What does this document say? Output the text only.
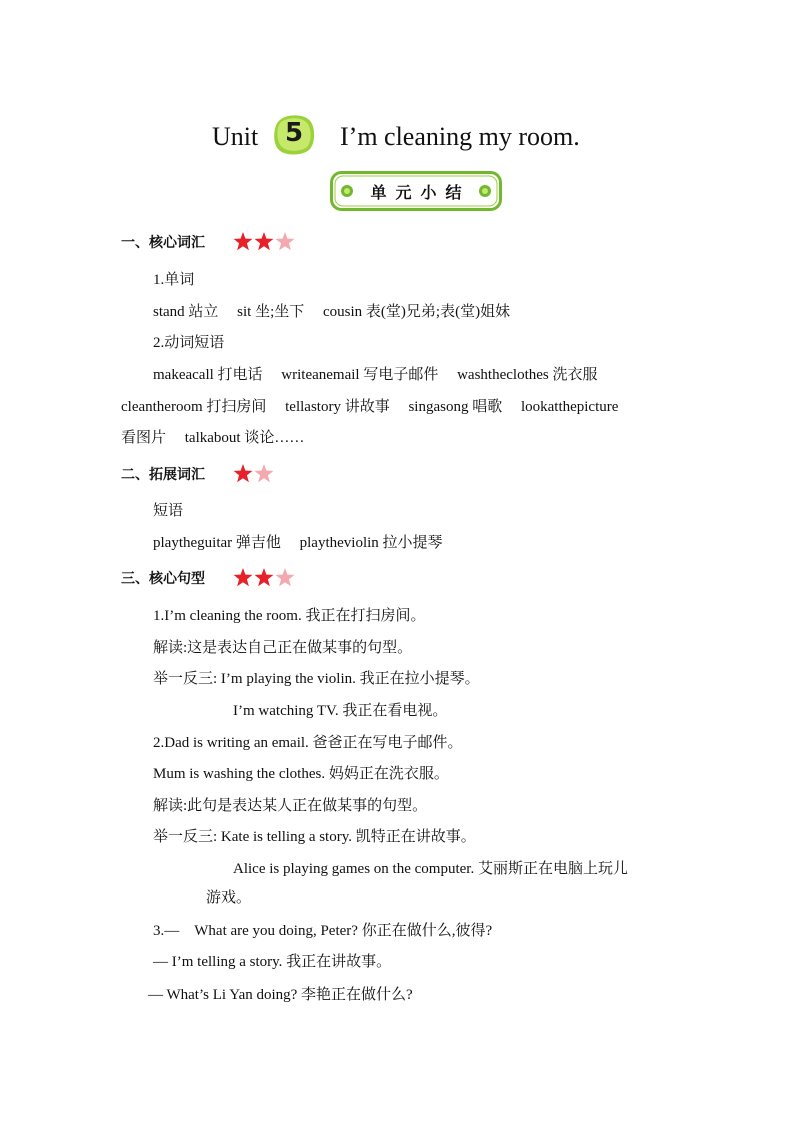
Unit	5	I’m cleaning my room.
单元小结
一、核心词汇
1.单词
stand 站立　 sit 坐;坐下　 cousin 表(堂)兄弟;表(堂)姐妹
2.动词短语
makeacall 打电话　 writeanemail 写电子邮件　 washtheclothes 洗衣服
cleantheroom 打扫房间　 tellastory 讲故事　 singasong 唱歌　 lookatthepicture
看图片　 talkabout 谈论……
二、拓展词汇
短语
playtheguitar 弹吉他　 playtheviolin 拉小提琴
三、核心句型
1.I’m cleaning the room. 我正在打扫房间。
解读:这是表达自己正在做某事的句型。
举一反三: I’m playing the violin. 我正在拉小提琴。
I’m watching TV. 我正在看电视。
2.Dad is writing an email. 爸爸正在写电子邮件。
Mum is washing the clothes. 妈妈正在洗衣服。
解读:此句是表达某人正在做某事的句型。
举一反三: Kate is telling a story. 凯特正在讲故事。
Alice is playing games on the computer. 艾丽斯正在电脑上玩儿
游戏。
3.—　What are you doing, Peter? 你正在做什么,彼得?
— I’m telling a story. 我正在讲故事。
— What’s Li Yan doing? 李艳正在做什么?
